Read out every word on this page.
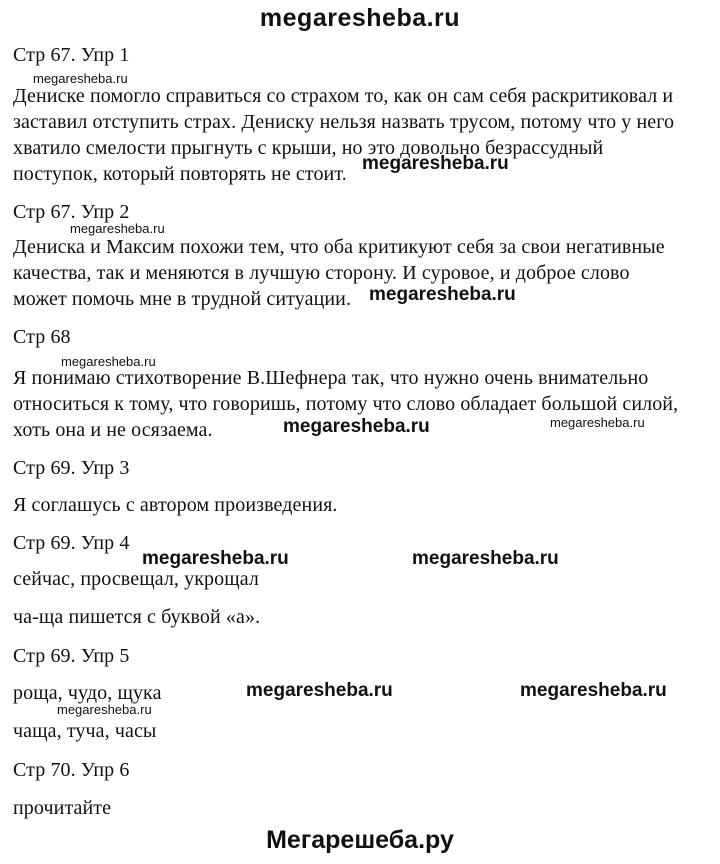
megaresheba.ru
Стр 67. Упр 1
megaresheba.ru
Дениске помогло справиться со страхом то, как он сам себя раскритиковал и
заставил отступить страх. Дениску нельзя назвать трусом, потому что у него
хватило смелости прыгнуть с крыши, но это довольно безрассудный
поступок, который повторять не стоит. megaresheba.ru
Стр 67. Упр 2
megaresheba.ru
Дениска и Максим похожи тем, что оба критикуют себя за свои негативные
качества, так и меняются в лучшую сторону. И суровое, и доброе слово
может помочь мне в трудной ситуации. megaresheba.ru
Стр 68
megaresheba.ru
Я понимаю стихотворение В.Шефнера так, что нужно очень внимательно
относиться к тому, что говоришь, потому что слово обладает большой силой,
хоть она и не осязаема.	megaresheba.ru	megaresheba.ru
Стр 69. Упр 3
Я соглашусь с автором произведения.
Стр 69. Упр 4
megaresheba.ru	megaresheba.ru
сейчас, просвещал, укрощал
ча-ща пишется с буквой «а».
Стр 69. Упр 5
роща, чудо, щука	megaresheba.ru	megaresheba.ru
megaresheba.ru
чаща, туча, часы
Стр 70. Упр 6
прочитайте
Мегарешеба.ру
